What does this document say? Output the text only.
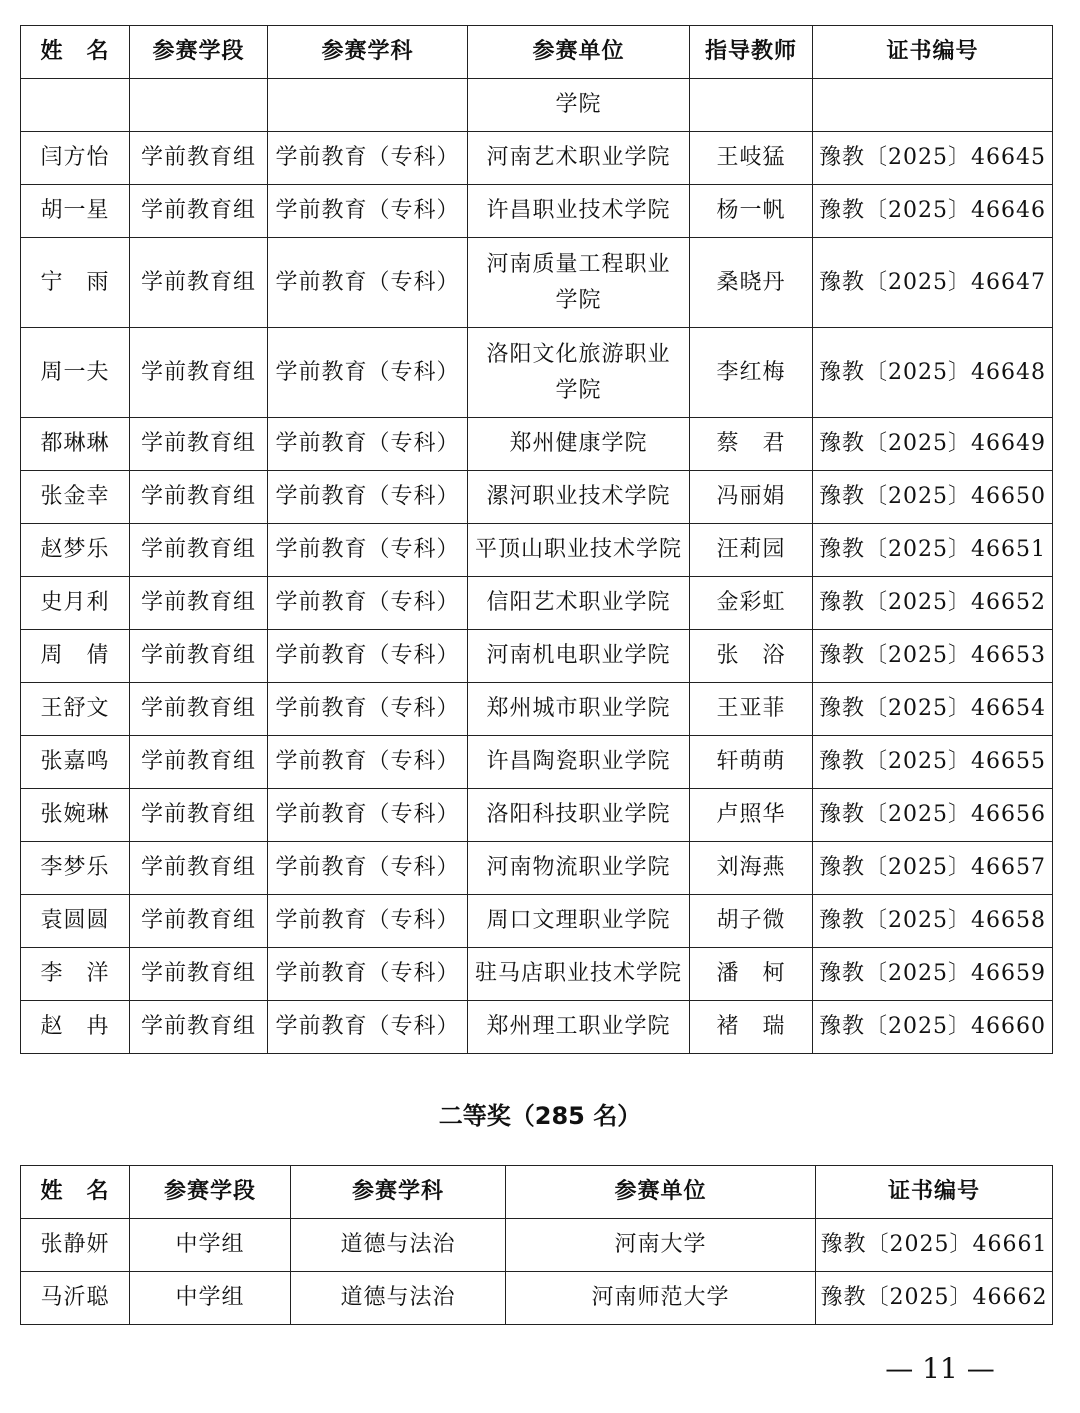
姓　名	参赛学段	参赛学科	参赛单位	指导教师	证书编号
			学院		
闫方怡	学前教育组	学前教育（专科）	河南艺术职业学院	王岐猛	豫教〔2025〕46645
胡一星	学前教育组	学前教育（专科）	许昌职业技术学院	杨一帆	豫教〔2025〕46646
宁　雨	学前教育组	学前教育（专科）	河南质量工程职业学院	桑晓丹	豫教〔2025〕46647
周一夫	学前教育组	学前教育（专科）	洛阳文化旅游职业学院	李红梅	豫教〔2025〕46648
都琳琳	学前教育组	学前教育（专科）	郑州健康学院	蔡　君	豫教〔2025〕46649
张金幸	学前教育组	学前教育（专科）	漯河职业技术学院	冯丽娟	豫教〔2025〕46650
赵梦乐	学前教育组	学前教育（专科）	平顶山职业技术学院	汪莉园	豫教〔2025〕46651
史月利	学前教育组	学前教育（专科）	信阳艺术职业学院	金彩虹	豫教〔2025〕46652
周　倩	学前教育组	学前教育（专科）	河南机电职业学院	张　浴	豫教〔2025〕46653
王舒文	学前教育组	学前教育（专科）	郑州城市职业学院	王亚菲	豫教〔2025〕46654
张嘉鸣	学前教育组	学前教育（专科）	许昌陶瓷职业学院	轩萌萌	豫教〔2025〕46655
张婉琳	学前教育组	学前教育（专科）	洛阳科技职业学院	卢照华	豫教〔2025〕46656
李梦乐	学前教育组	学前教育（专科）	河南物流职业学院	刘海燕	豫教〔2025〕46657
袁圆圆	学前教育组	学前教育（专科）	周口文理职业学院	胡子微	豫教〔2025〕46658
李　洋	学前教育组	学前教育（专科）	驻马店职业技术学院	潘　柯	豫教〔2025〕46659
赵　冉	学前教育组	学前教育（专科）	郑州理工职业学院	褚　瑞	豫教〔2025〕46660
二等奖（285 名）
姓　名	参赛学段	参赛学科	参赛单位	证书编号
张静妍	中学组	道德与法治	河南大学	豫教〔2025〕46661
马沂聪	中学组	道德与法治	河南师范大学	豫教〔2025〕46662
— 11 —
